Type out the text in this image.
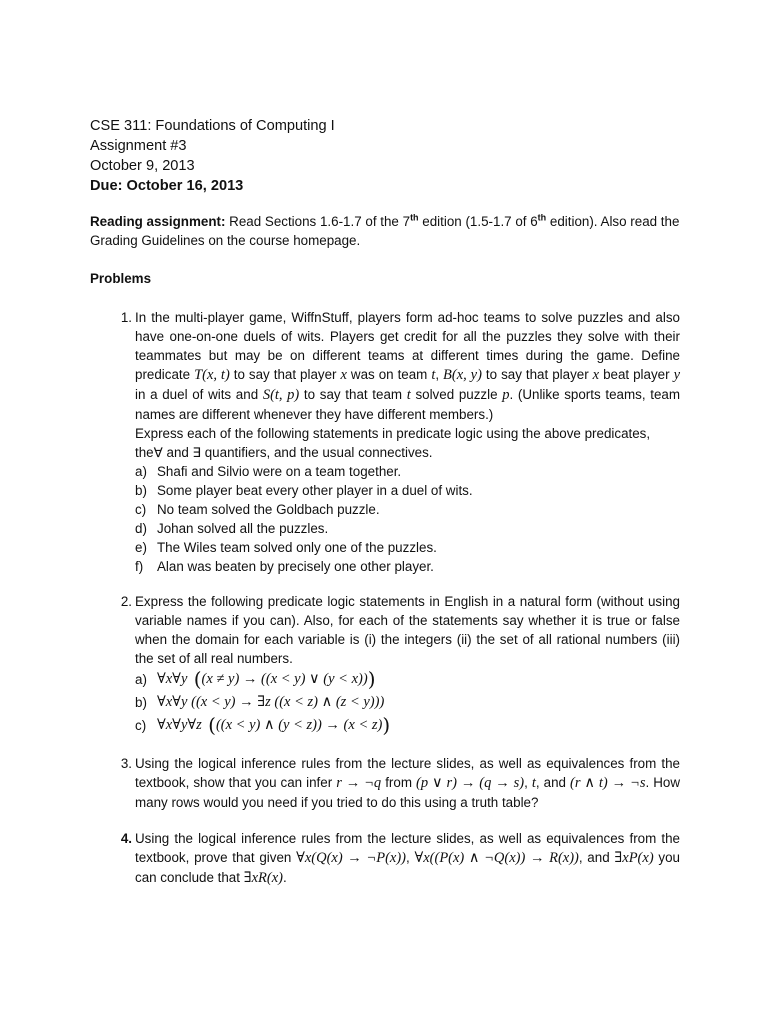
CSE 311: Foundations of Computing I
Assignment #3
October 9, 2013
Due: October 16, 2013
Reading assignment: Read Sections 1.6-1.7 of the 7th edition (1.5-1.7 of 6th edition). Also read the Grading Guidelines on the course homepage.
Problems
1. In the multi-player game, WiffnStuff, players form ad-hoc teams to solve puzzles and also have one-on-one duels of wits. Players get credit for all the puzzles they solve with their teammates but may be on different teams at different times during the game. Define predicate T(x, t) to say that player x was on team t, B(x, y) to say that player x beat player y in a duel of wits and S(t, p) to say that team t solved puzzle p. (Unlike sports teams, team names are different whenever they have different members.)
Express each of the following statements in predicate logic using the above predicates, the∀ and ∃ quantifiers, and the usual connectives.
a) Shafi and Silvio were on a team together.
b) Some player beat every other player in a duel of wits.
c) No team solved the Goldbach puzzle.
d) Johan solved all the puzzles.
e) The Wiles team solved only one of the puzzles.
f)	Alan was beaten by precisely one other player.
2. Express the following predicate logic statements in English in a natural form (without using variable names if you can). Also, for each of the statements say whether it is true or false when the domain for each variable is (i) the integers (ii) the set of all rational numbers (iii) the set of all real numbers.
a) ∀x∀y ( (x ≠ y) → ((x < y) ∨ (y < x)) )
b) ∀x∀y
((x < y) → ∃z ((x < z) ∧ (z < y)))
c) ∀x∀y∀z ( ((x < y) ∧ (y < z)) → (x < z) )
3. Using the logical inference rules from the lecture slides, as well as equivalences from the textbook, show that you can infer r → ¬q from (p ∨ r) → (q → s), t, and (r ∧ t) → ¬s. How many rows would you need if you tried to do this using a truth table?
4. Using the logical inference rules from the lecture slides, as well as equivalences from the textbook, prove that given ∀x(Q(x) → ¬P(x)), ∀x((P(x) ∧ ¬Q(x)) → R(x)), and ∃xP(x) you can conclude that ∃xR(x).
